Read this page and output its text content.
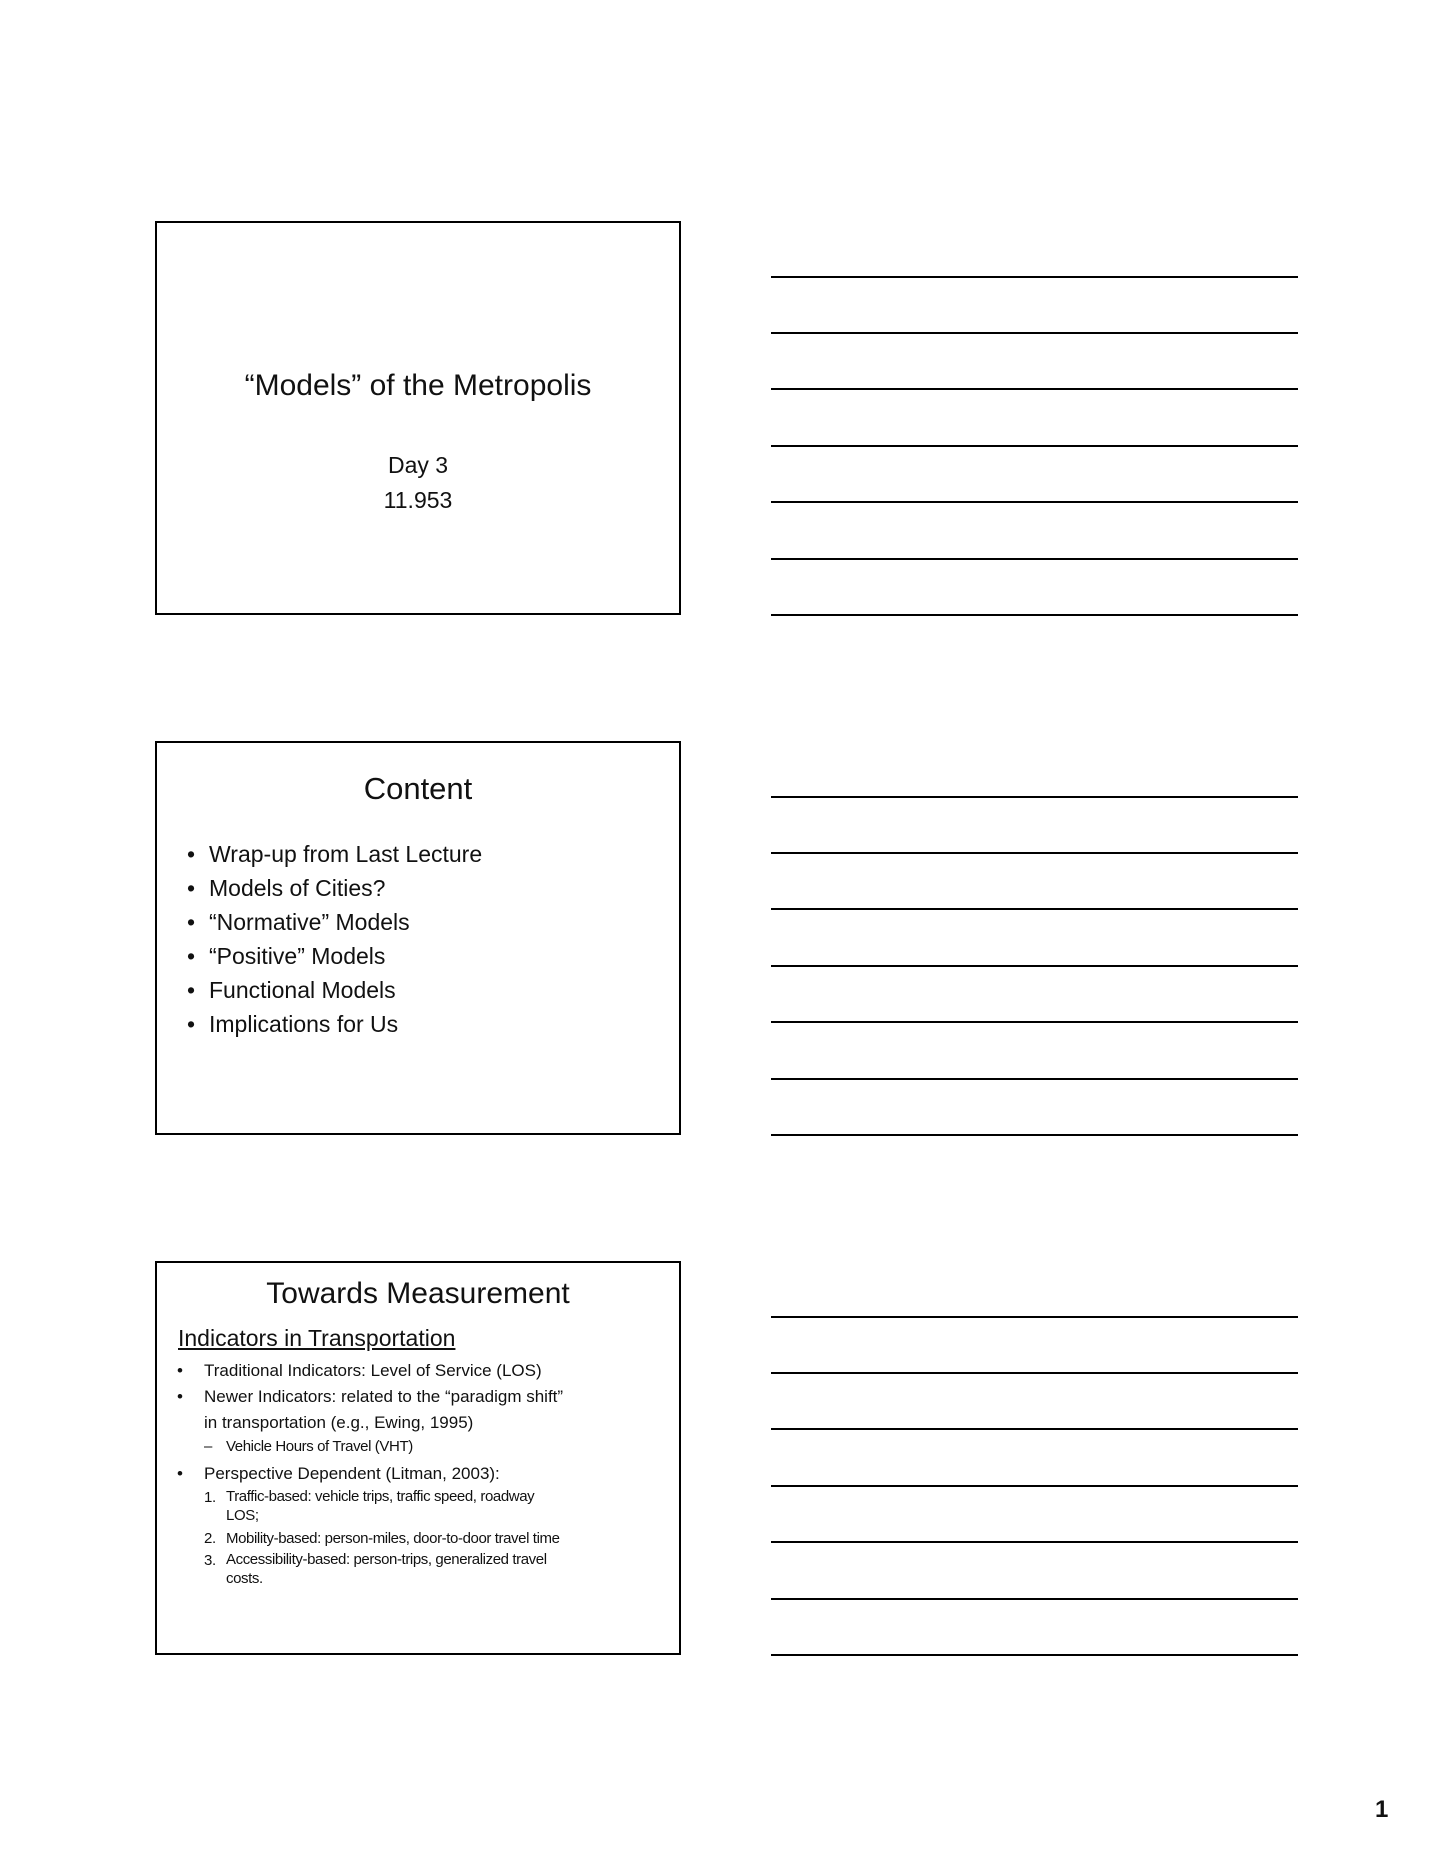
“Models” of the Metropolis
Day 3
11.953
Content
• Wrap-up from Last Lecture
• Models of Cities?
• “Normative” Models
• “Positive” Models
• Functional Models
• Implications for Us
Towards Measurement
Indicators in Transportation
• Traditional Indicators: Level of Service (LOS)
• Newer Indicators: related to the “paradigm shift”
in transportation (e.g., Ewing, 1995)
– Vehicle Hours of Travel (VHT)
• Perspective Dependent (Litman, 2003):
1. Traffic-based: vehicle trips, traffic speed, roadway
LOS;
2. Mobility-based: person-miles, door-to-door travel time
3. Accessibility-based: person-trips, generalized travel
costs.
1
